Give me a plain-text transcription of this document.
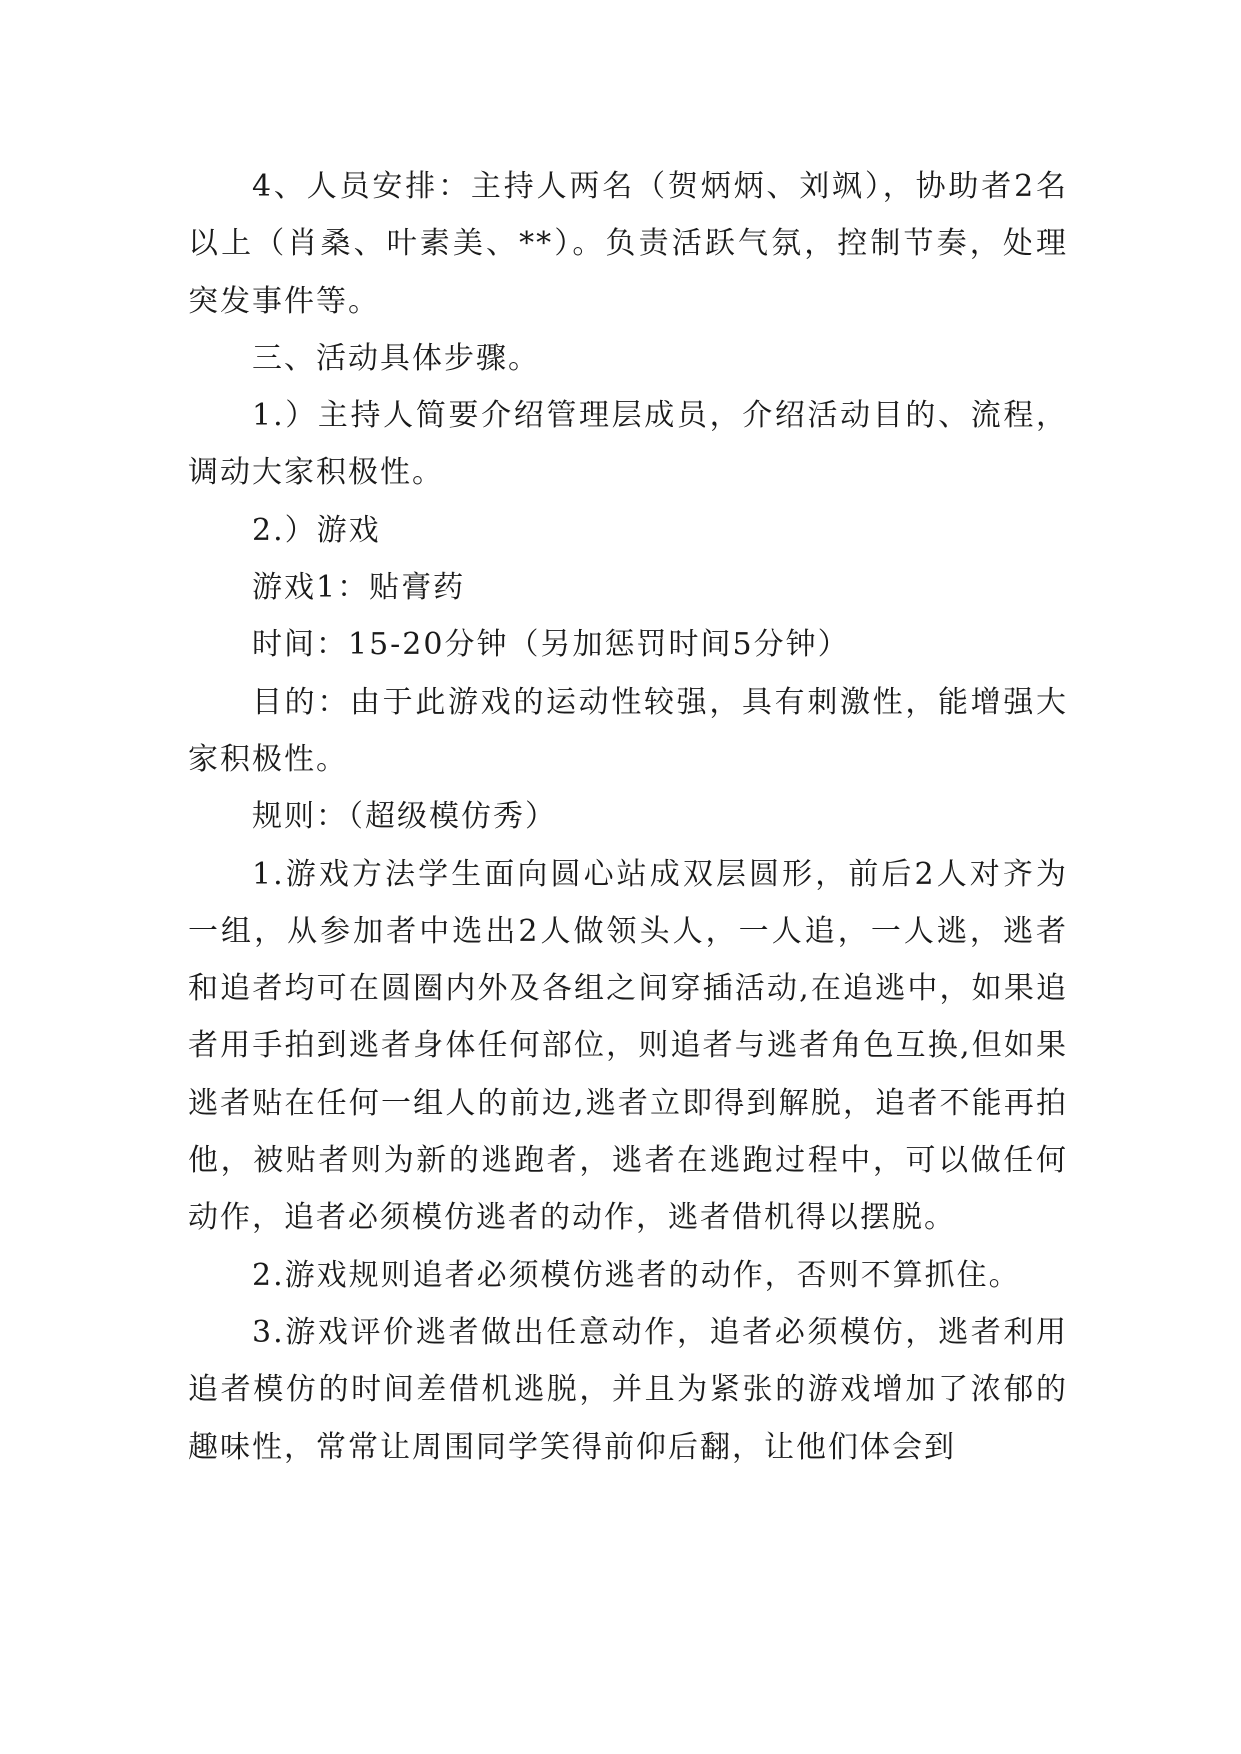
4、人员安排：主持人两名（贺炳炳、刘飒），协助者2名以上（肖桑、叶素美、**）。负责活跃气氛，控制节奏，处理突发事件等。

三、活动具体步骤。

1.）主持人简要介绍管理层成员，介绍活动目的、流程，调动大家积极性。

2.）游戏

游戏1：贴膏药

时间：15-20分钟（另加惩罚时间5分钟）

目的：由于此游戏的运动性较强，具有刺激性，能增强大家积极性。

规则：（超级模仿秀）

1.游戏方法学生面向圆心站成双层圆形，前后2人对齐为一组，从参加者中选出2人做领头人，一人追，一人逃，逃者和追者均可在圆圈内外及各组之间穿插活动,在追逃中，如果追者用手拍到逃者身体任何部位，则追者与逃者角色互换,但如果逃者贴在任何一组人的前边,逃者立即得到解脱，追者不能再拍他，被贴者则为新的逃跑者，逃者在逃跑过程中，可以做任何动作，追者必须模仿逃者的动作，逃者借机得以摆脱。

2.游戏规则追者必须模仿逃者的动作，否则不算抓住。

3.游戏评价逃者做出任意动作，追者必须模仿，逃者利用追者模仿的时间差借机逃脱，并且为紧张的游戏增加了浓郁的趣味性，常常让周围同学笑得前仰后翻，让他们体会到
